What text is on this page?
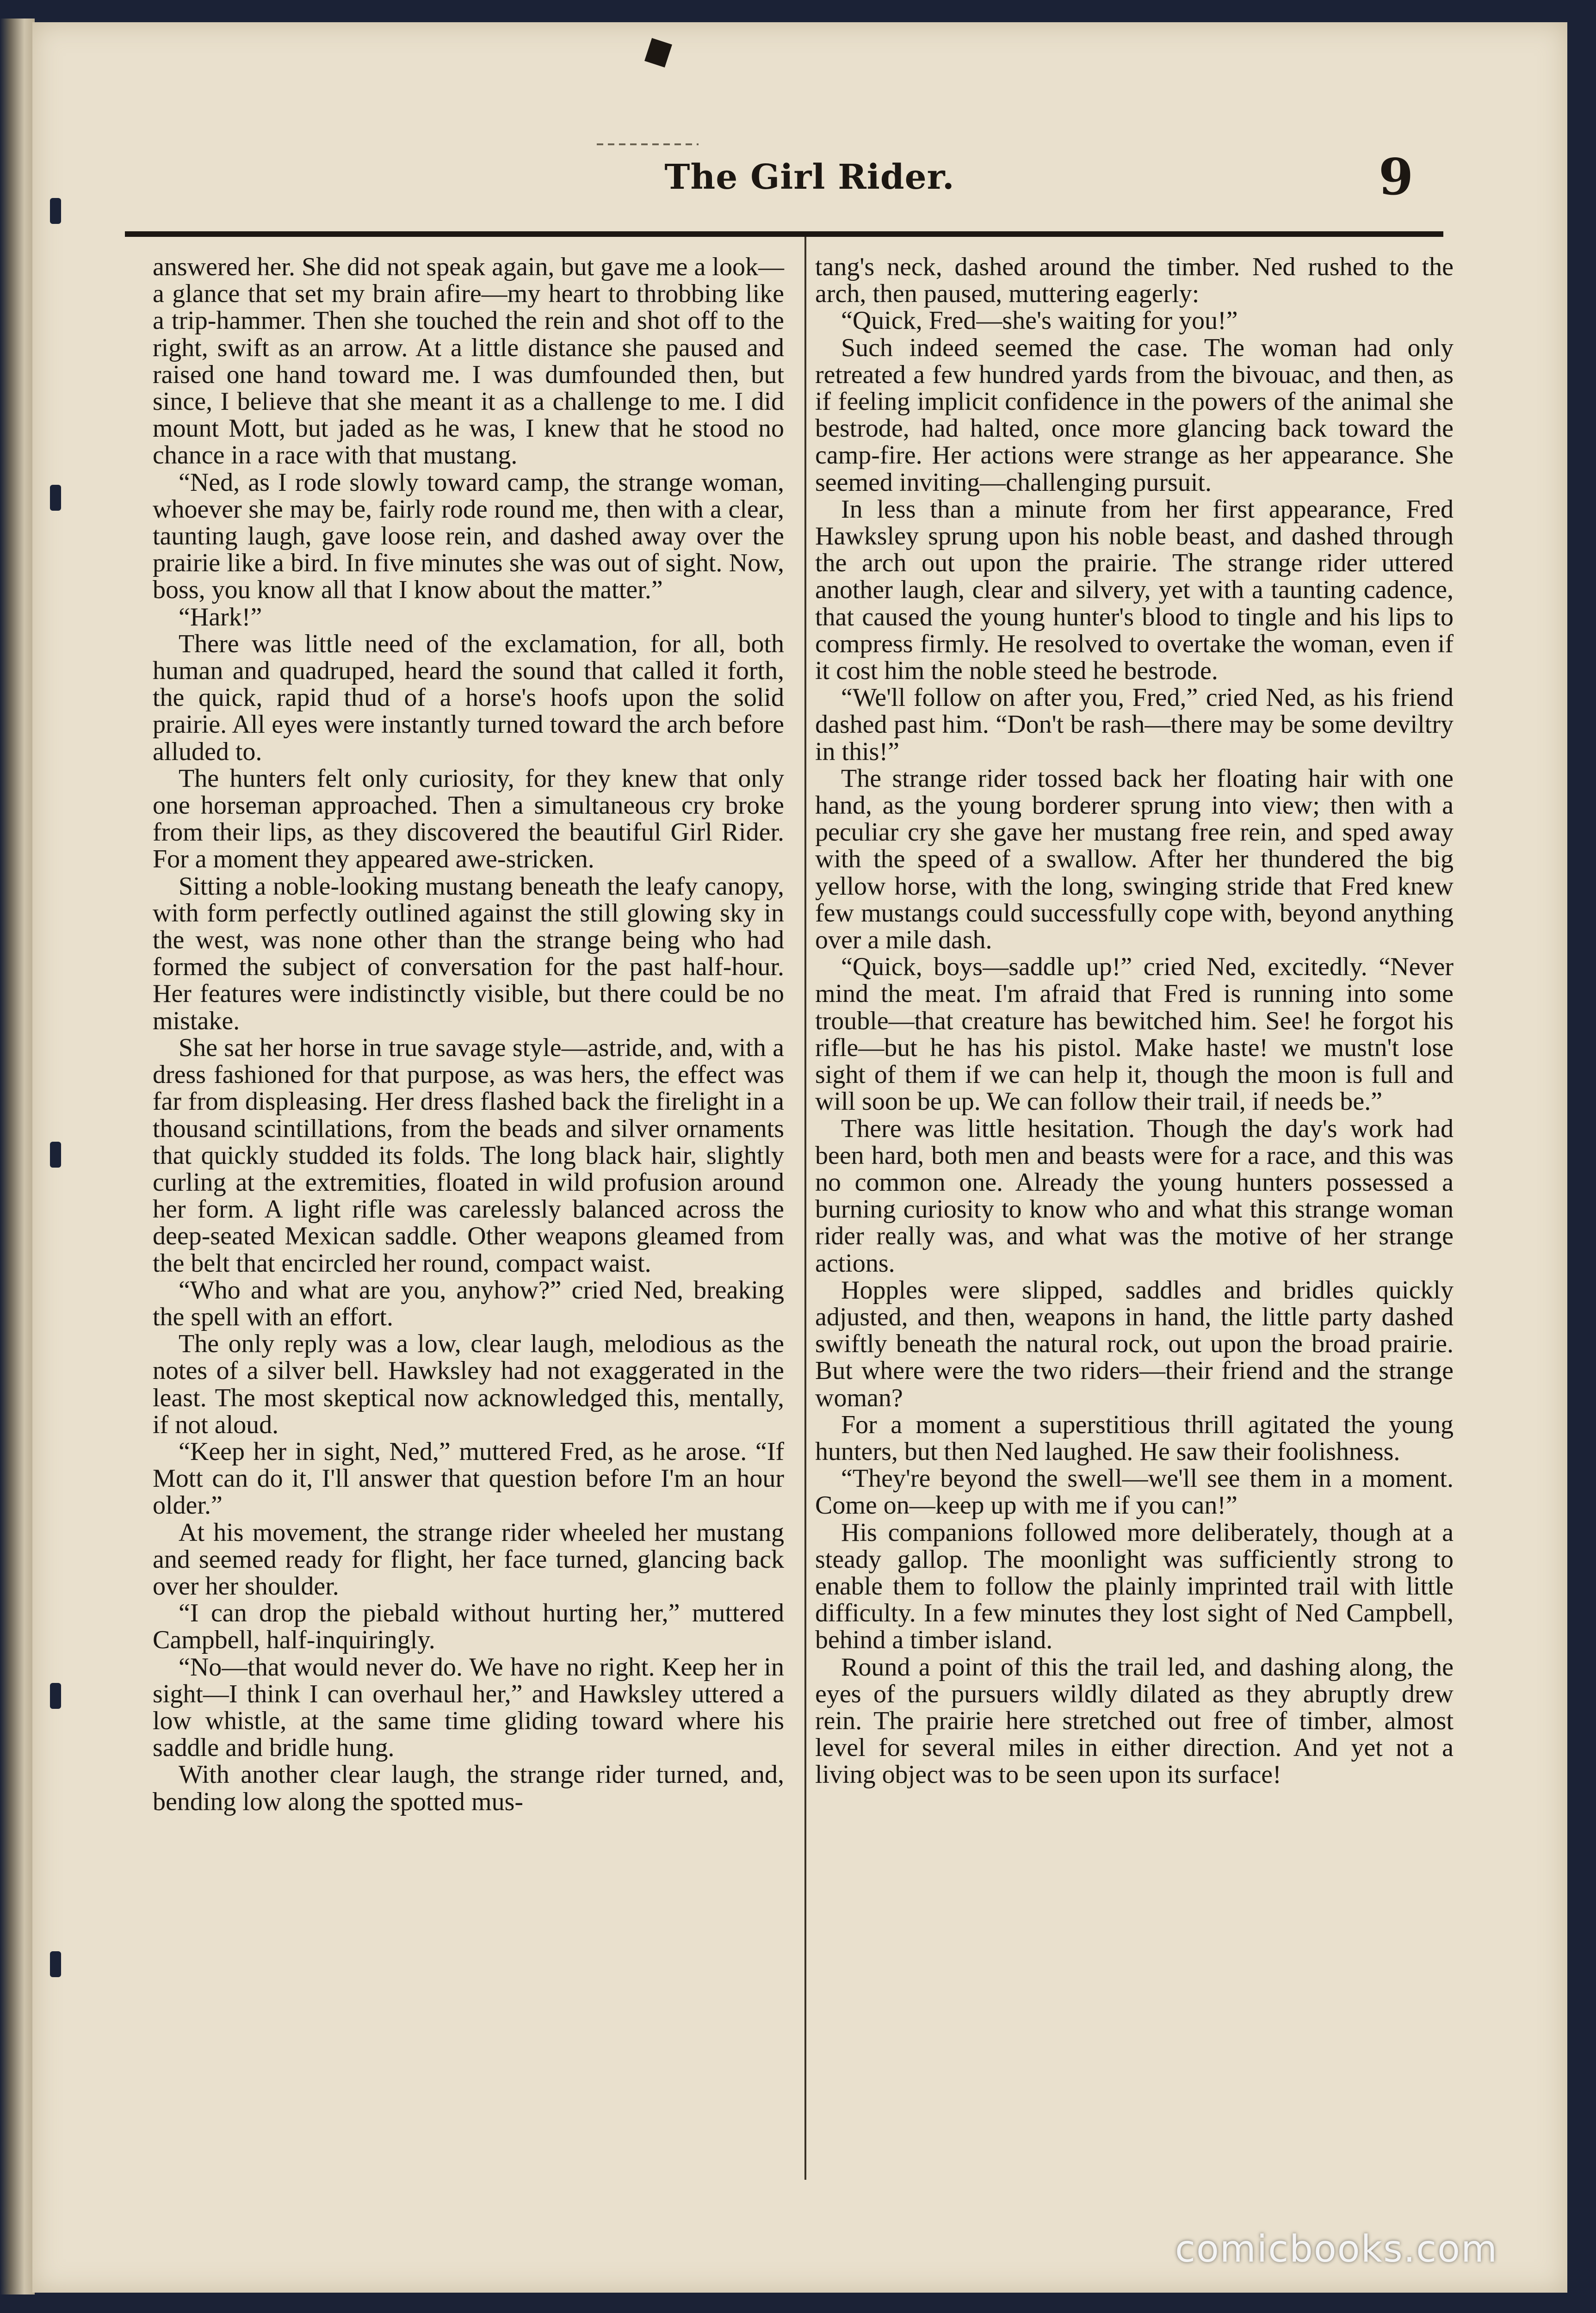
The Girl Rider.	9

answered her. She did not speak again, but gave me a look—a glance that set my brain afire—my heart to throbbing like a trip-hammer. Then she touched the rein and shot off to the right, swift as an arrow. At a little distance she paused and raised one hand toward me. I was dumfounded then, but since, I believe that she meant it as a challenge to me. I did mount Mott, but jaded as he was, I knew that he stood no chance in a race with that mustang.

“Ned, as I rode slowly toward camp, the strange woman, whoever she may be, fairly rode round me, then with a clear, taunting laugh, gave loose rein, and dashed away over the prairie like a bird. In five minutes she was out of sight. Now, boss, you know all that I know about the matter.”

“Hark!”

There was little need of the exclamation, for all, both human and quadruped, heard the sound that called it forth, the quick, rapid thud of a horse's hoofs upon the solid prairie. All eyes were instantly turned toward the arch before alluded to.

The hunters felt only curiosity, for they knew that only one horseman approached. Then a simultaneous cry broke from their lips, as they discovered the beautiful Girl Rider. For a moment they appeared awe-stricken.

Sitting a noble-looking mustang beneath the leafy canopy, with form perfectly outlined against the still glowing sky in the west, was none other than the strange being who had formed the subject of conversation for the past half-hour. Her features were indistinctly visible, but there could be no mistake.

She sat her horse in true savage style—astride, and, with a dress fashioned for that purpose, as was hers, the effect was far from displeasing. Her dress flashed back the firelight in a thousand scintillations, from the beads and silver ornaments that quickly studded its folds. The long black hair, slightly curling at the extremities, floated in wild profusion around her form. A light rifle was carelessly balanced across the deep-seated Mexican saddle. Other weapons gleamed from the belt that encircled her round, compact waist.

“Who and what are you, anyhow?” cried Ned, breaking the spell with an effort.

The only reply was a low, clear laugh, melodious as the notes of a silver bell. Hawksley had not exaggerated in the least. The most skeptical now acknowledged this, mentally, if not aloud.

“Keep her in sight, Ned,” muttered Fred, as he arose. “If Mott can do it, I'll answer that question before I'm an hour older.”

At his movement, the strange rider wheeled her mustang and seemed ready for flight, her face turned, glancing back over her shoulder.

“I can drop the piebald without hurting her,” muttered Campbell, half-inquiringly.

“No—that would never do. We have no right. Keep her in sight—I think I can overhaul her,” and Hawksley uttered a low whistle, at the same time gliding toward where his saddle and bridle hung.

With another clear laugh, the strange rider turned, and, bending low along the spotted mus-

tang's neck, dashed around the timber. Ned rushed to the arch, then paused, muttering eagerly:

“Quick, Fred—she's waiting for you!”

Such indeed seemed the case. The woman had only retreated a few hundred yards from the bivouac, and then, as if feeling implicit confidence in the powers of the animal she bestrode, had halted, once more glancing back toward the camp-fire. Her actions were strange as her appearance. She seemed inviting—challenging pursuit.

In less than a minute from her first appearance, Fred Hawksley sprung upon his noble beast, and dashed through the arch out upon the prairie. The strange rider uttered another laugh, clear and silvery, yet with a taunting cadence, that caused the young hunter's blood to tingle and his lips to compress firmly. He resolved to overtake the woman, even if it cost him the noble steed he bestrode.

“We'll follow on after you, Fred,” cried Ned, as his friend dashed past him. “Don't be rash—there may be some deviltry in this!”

The strange rider tossed back her floating hair with one hand, as the young borderer sprung into view; then with a peculiar cry she gave her mustang free rein, and sped away with the speed of a swallow. After her thundered the big yellow horse, with the long, swinging stride that Fred knew few mustangs could successfully cope with, beyond anything over a mile dash.

“Quick, boys—saddle up!” cried Ned, excitedly. “Never mind the meat. I'm afraid that Fred is running into some trouble—that creature has bewitched him. See! he forgot his rifle—but he has his pistol. Make haste! we mustn't lose sight of them if we can help it, though the moon is full and will soon be up. We can follow their trail, if needs be.”

There was little hesitation. Though the day's work had been hard, both men and beasts were for a race, and this was no common one. Already the young hunters possessed a burning curiosity to know who and what this strange woman rider really was, and what was the motive of her strange actions.

Hopples were slipped, saddles and bridles quickly adjusted, and then, weapons in hand, the little party dashed swiftly beneath the natural rock, out upon the broad prairie. But where were the two riders—their friend and the strange woman?

For a moment a superstitious thrill agitated the young hunters, but then Ned laughed. He saw their foolishness.

“They're beyond the swell—we'll see them in a moment. Come on—keep up with me if you can!”

His companions followed more deliberately, though at a steady gallop. The moonlight was sufficiently strong to enable them to follow the plainly imprinted trail with little difficulty. In a few minutes they lost sight of Ned Campbell, behind a timber island.

Round a point of this the trail led, and dashing along, the eyes of the pursuers wildly dilated as they abruptly drew rein. The prairie here stretched out free of timber, almost level for several miles in either direction. And yet not a living object was to be seen upon its surface!

comicbooks.com
